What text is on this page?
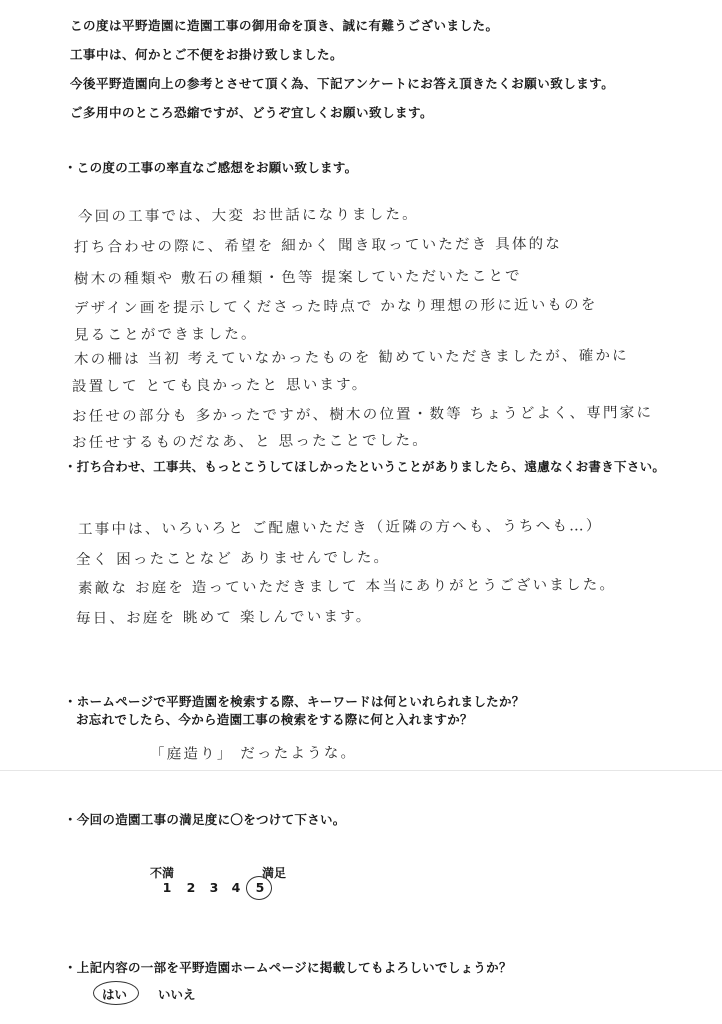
この度は平野造園に造園工事の御用命を頂き、誠に有難うございました。
工事中は、何かとご不便をお掛け致しました。
今後平野造園向上の参考とさせて頂く為、下記アンケートにお答え頂きたくお願い致します。
ご多用中のところ恐縮ですが、どうぞ宜しくお願い致します。
・この度の工事の率直なご感想をお願い致します。
今回の工事では、大変 お世話になりました。
打ち合わせの際に、希望を 細かく 聞き取っていただき 具体的な
樹木の種類や 敷石の種類・色等 提案していただいたことで
デザイン画を提示してくださった時点で かなり理想の形に近いものを
見ることができました。
木の柵は 当初 考えていなかったものを 勧めていただきましたが、確かに
設置して とても良かったと 思います。
お任せの部分も 多かったですが、樹木の位置・数等 ちょうどよく、専門家に
お任せするものだなあ、と 思ったことでした。
・打ち合わせ、工事共、もっとこうしてほしかったということがありましたら、遠慮なくお書き下さい。
工事中は、いろいろと ご配慮いただき（近隣の方へも、うちへも…）
全く 困ったことなど ありませんでした。
素敵な お庭を 造っていただきまして 本当にありがとうございました。
毎日、お庭を 眺めて 楽しんでいます。
・ホームページで平野造園を検索する際、キーワードは何といれられましたか？
お忘れでしたら、今から造園工事の検索をする際に何と入れますか？
「庭造り」 だったような。
・今回の造園工事の満足度に〇をつけて下さい。
不満	満足
1 2 3 4 5
・上記内容の一部を平野造園ホームページに掲載してもよろしいでしょうか？
はい いいえ
